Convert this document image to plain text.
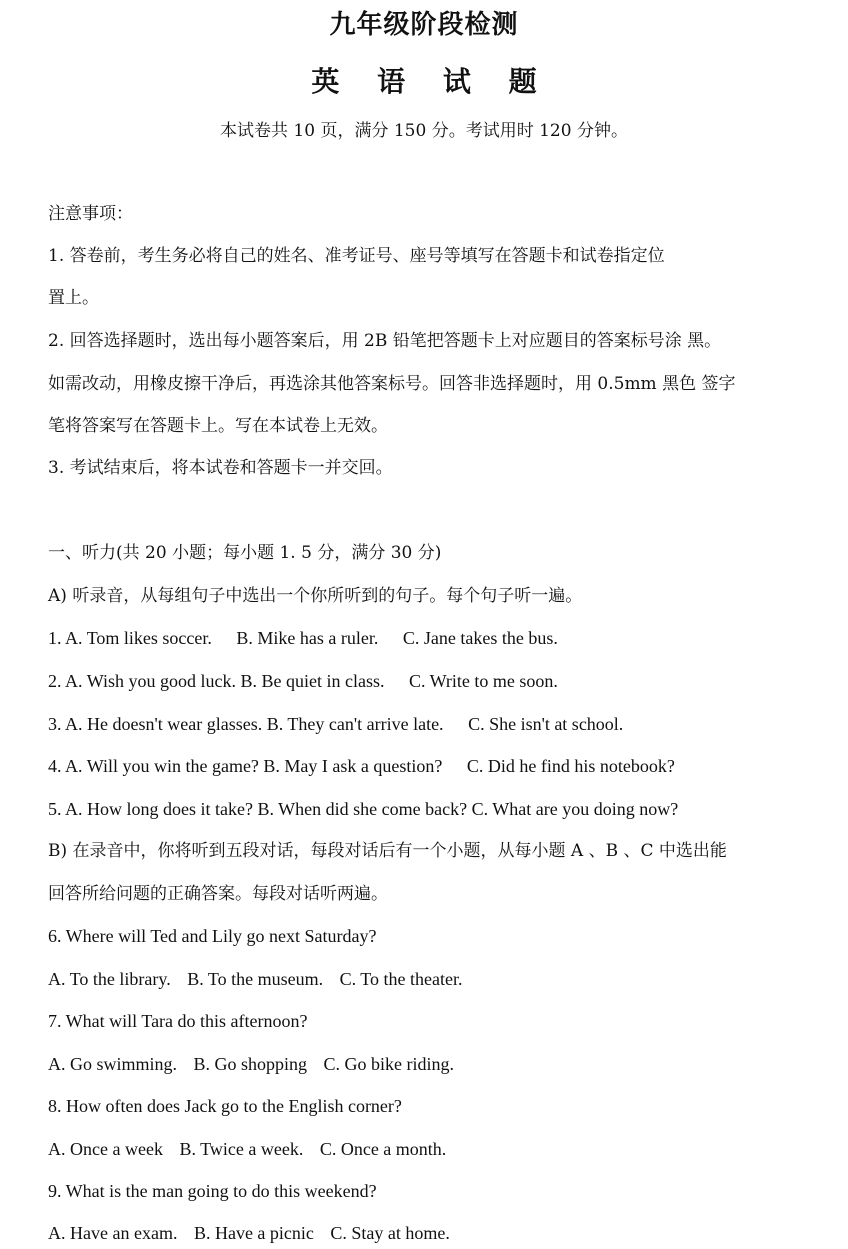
九年级阶段检测
英 语 试 题
本试卷共 10 页，满分 150 分。考试用时 120 分钟。
注意事项：
1. 答卷前，考生务必将自己的姓名、准考证号、座号等填写在答题卡和试卷指定位
置上。
2. 回答选择题时，选出每小题答案后，用 2B 铅笔把答题卡上对应题目的答案标号涂 黑。
如需改动，用橡皮擦干净后，再选涂其他答案标号。回答非选择题时，用 0.5mm 黑色 签字
笔将答案写在答题卡上。写在本试卷上无效。
3. 考试结束后，将本试卷和答题卡一并交回。
一、听力(共 20 小题；每小题 1. 5 分，满分 30 分)
A) 听录音，从每组句子中选出一个你所听到的句子。每个句子听一遍。
1. A. Tom likes soccer. B. Mike has a ruler. C. Jane takes the bus.
2. A. Wish you good luck. B. Be quiet in class. C. Write to me soon.
3. A. He doesn't wear glasses. B. They can't arrive late. C. She isn't at school.
4. A. Will you win the game? B. May I ask a question? C. Did he find his notebook?
5. A. How long does it take? B. When did she come back? C. What are you doing now?
B) 在录音中，你将听到五段对话，每段对话后有一个小题，从每小题 A 、B 、C 中选出能
回答所给问题的正确答案。每段对话听两遍。
6. Where will Ted and Lily go next Saturday?
A. To the library. B. To the museum. C. To the theater.
7. What will Tara do this afternoon?
A. Go swimming. B. Go shopping C. Go bike riding.
8. How often does Jack go to the English corner?
A. Once a week B. Twice a week. C. Once a month.
9. What is the man going to do this weekend?
A. Have an exam. B. Have a picnic C. Stay at home.
